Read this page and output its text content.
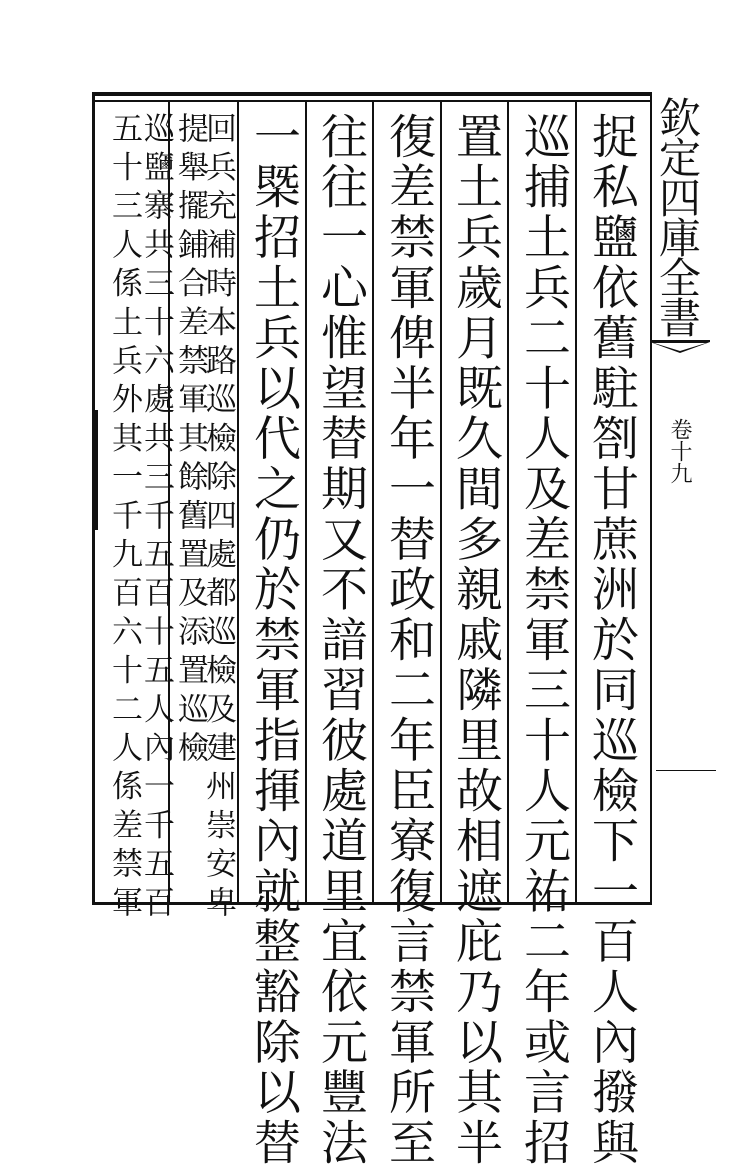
欽定四庫全書
卷十九
捉私鹽依舊駐劄甘蔗洲於同巡檢下一百人內撥與
巡捕土兵二十人及差禁軍三十人元祐二年或言招
置土兵歲月既久間多親戚隣里故相遮庇乃以其半
復差禁軍俾半年一替政和二年臣寮復言禁軍所至
往往一心惟望替期又不諳習彼處道里宜依元豐法
一槩招土兵以代之仍於禁軍指揮內就整豁除以替
回兵充補時本路巡檢除四處都巡檢及建州崇安卑
提舉擺鋪合差禁軍其餘舊置及添置巡檢
巡鹽寨共三十六處共三千五百十五人內一千五百
五十三人係土兵外其一千九百六十二人係差禁軍
